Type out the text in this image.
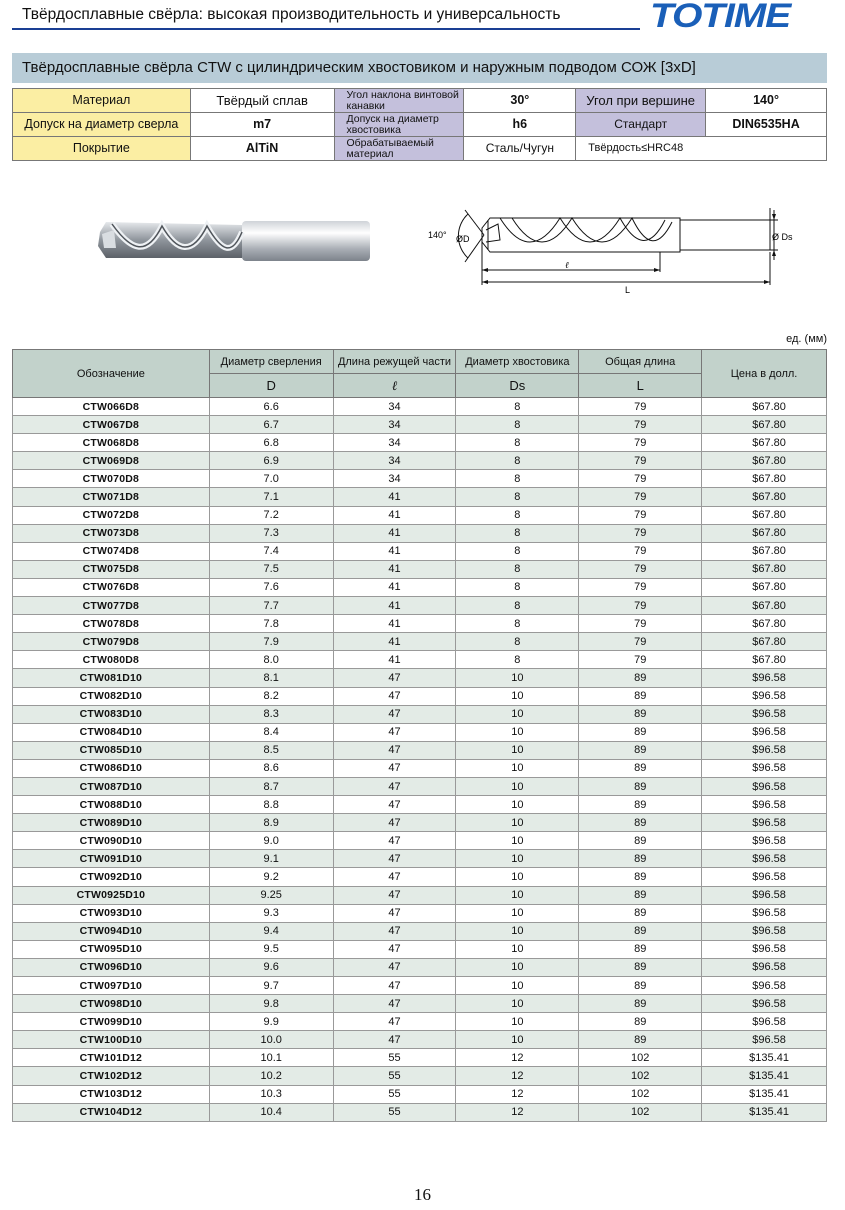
Твёрдосплавные свёрла: высокая производительность и универсальность	TOTIME
Твёрдосплавные свёрла CTW с цилиндрическим хвостовиком и наружным подводом СОЖ [3xD]
Материал	Твёрдый сплав	Угол наклона винтовой канавки	30°	Угол при вершине	140°
Допуск на диаметр сверла	m7	Допуск на диаметр хвостовика	h6	Стандарт	DIN6535HA
Покрытие	AlTiN	Обрабатываемый материал	Сталь/Чугун	Твёрдость≤HRC48	
140° ØD	Ø Ds
ℓ
L
ед. (мм)
Обозначение	Диаметр сверления	Длина режущей части	Диаметр хвостовика	Общая длина	Цена в долл.
	D	ℓ	Ds	L	
CTW066D8	6.6	34	8	79	$67.80
CTW067D8	6.7	34	8	79	$67.80
CTW068D8	6.8	34	8	79	$67.80
CTW069D8	6.9	34	8	79	$67.80
CTW070D8	7.0	34	8	79	$67.80
CTW071D8	7.1	41	8	79	$67.80
CTW072D8	7.2	41	8	79	$67.80
CTW073D8	7.3	41	8	79	$67.80
CTW074D8	7.4	41	8	79	$67.80
CTW075D8	7.5	41	8	79	$67.80
CTW076D8	7.6	41	8	79	$67.80
CTW077D8	7.7	41	8	79	$67.80
CTW078D8	7.8	41	8	79	$67.80
CTW079D8	7.9	41	8	79	$67.80
CTW080D8	8.0	41	8	79	$67.80
CTW081D10	8.1	47	10	89	$96.58
CTW082D10	8.2	47	10	89	$96.58
CTW083D10	8.3	47	10	89	$96.58
CTW084D10	8.4	47	10	89	$96.58
CTW085D10	8.5	47	10	89	$96.58
CTW086D10	8.6	47	10	89	$96.58
CTW087D10	8.7	47	10	89	$96.58
CTW088D10	8.8	47	10	89	$96.58
CTW089D10	8.9	47	10	89	$96.58
CTW090D10	9.0	47	10	89	$96.58
CTW091D10	9.1	47	10	89	$96.58
CTW092D10	9.2	47	10	89	$96.58
CTW0925D10	9.25	47	10	89	$96.58
CTW093D10	9.3	47	10	89	$96.58
CTW094D10	9.4	47	10	89	$96.58
CTW095D10	9.5	47	10	89	$96.58
CTW096D10	9.6	47	10	89	$96.58
CTW097D10	9.7	47	10	89	$96.58
CTW098D10	9.8	47	10	89	$96.58
CTW099D10	9.9	47	10	89	$96.58
CTW100D10	10.0	47	10	89	$96.58
CTW101D12	10.1	55	12	102	$135.41
CTW102D12	10.2	55	12	102	$135.41
CTW103D12	10.3	55	12	102	$135.41
CTW104D12	10.4	55	12	102	$135.41
16
